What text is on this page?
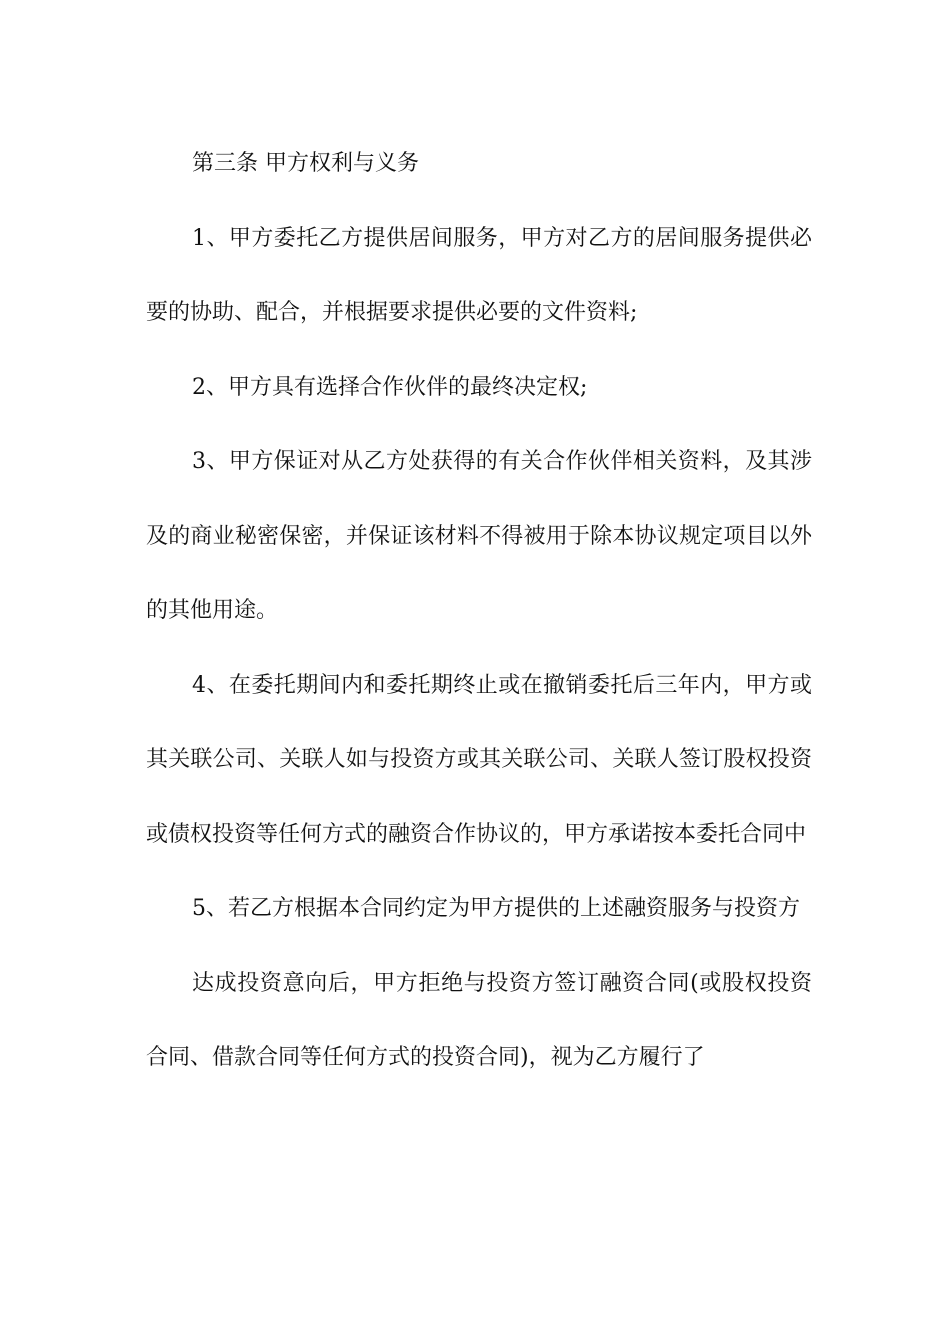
第三条 甲方权利与义务

1、甲方委托乙方提供居间服务，甲方对乙方的居间服务提供必要的协助、配合，并根据要求提供必要的文件资料;

2、甲方具有选择合作伙伴的最终决定权;

3、甲方保证对从乙方处获得的有关合作伙伴相关资料，及其涉及的商业秘密保密，并保证该材料不得被用于除本协议规定项目以外的其他用途。

4、在委托期间内和委托期终止或在撤销委托后三年内，甲方或其关联公司、关联人如与投资方或其关联公司、关联人签订股权投资或债权投资等任何方式的融资合作协议的，甲方承诺按本委托合同中

5、若乙方根据本合同约定为甲方提供的上述融资服务与投资方

达成投资意向后，甲方拒绝与投资方签订融资合同(或股权投资合同、借款合同等任何方式的投资合同)，视为乙方履行了
